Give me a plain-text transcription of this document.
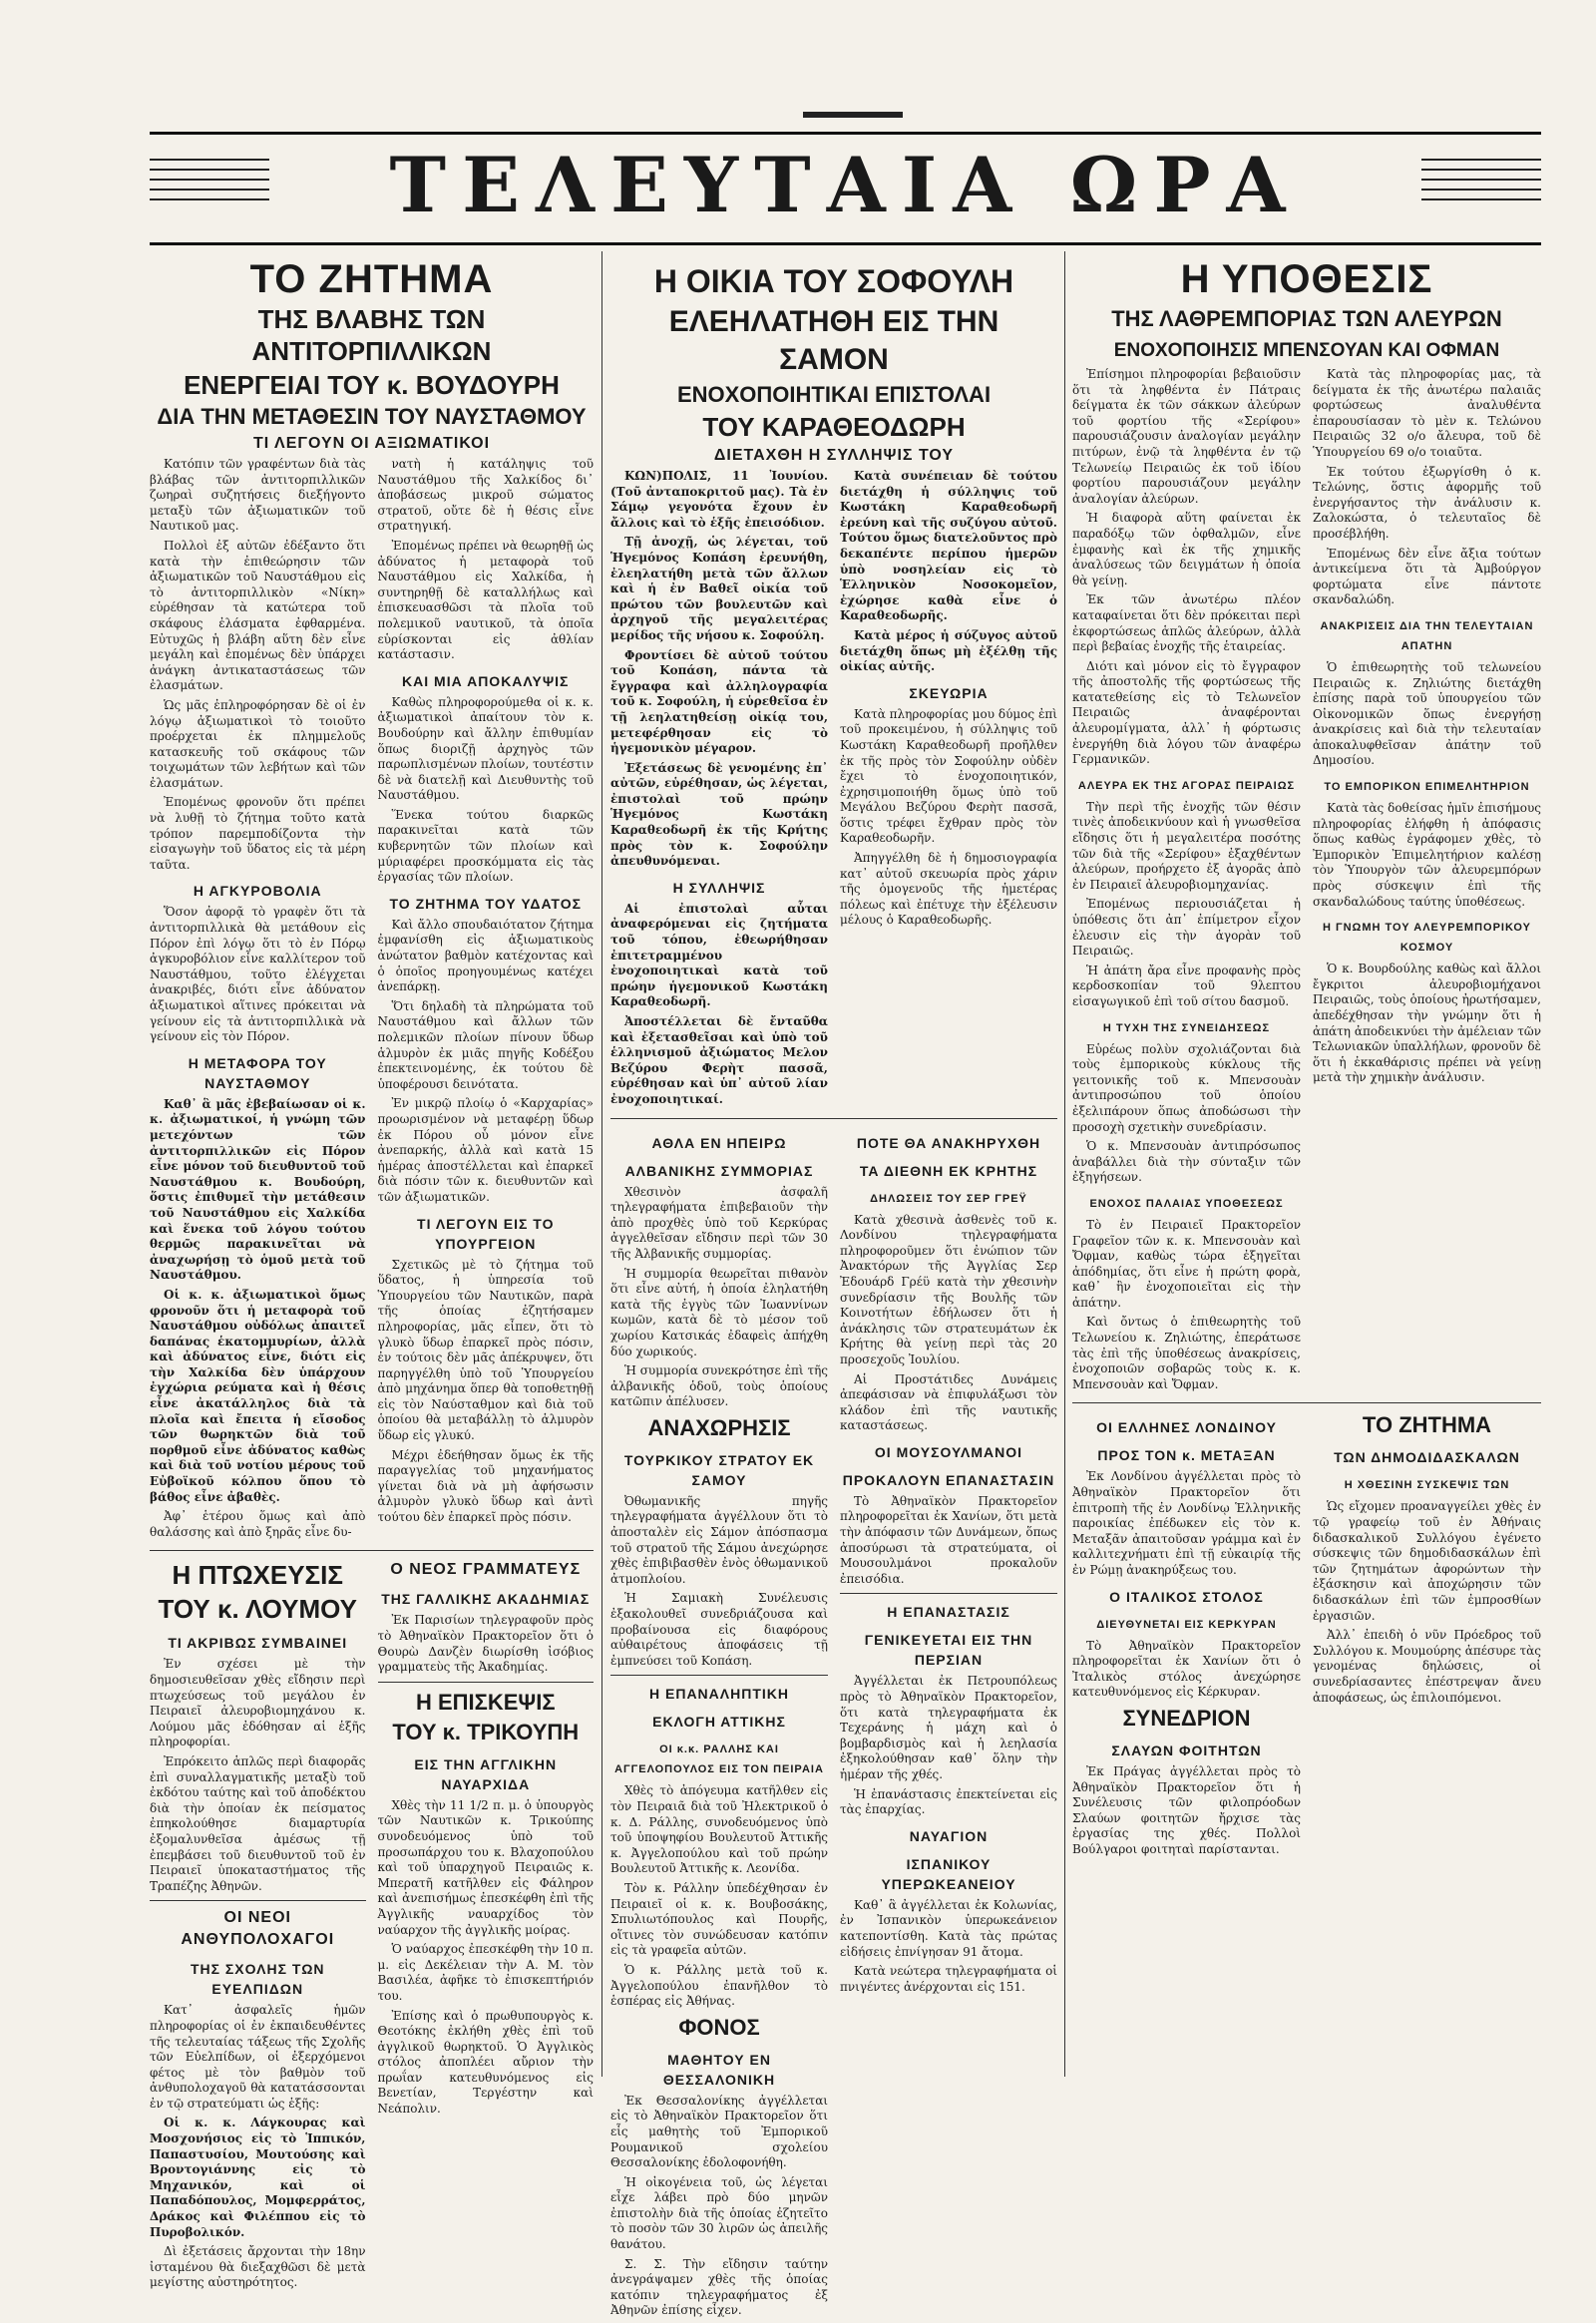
ΤΕΛΕΥΤΑΙΑ ΩΡΑ
ΤΟ ΖΗΤΗΜΑ
ΤΗΣ ΒΛΑΒΗΣ ΤΩΝ ΑΝΤΙΤΟΡΠΙΛΛΙΚΩΝ
ΕΝΕΡΓΕΙΑΙ ΤΟΥ κ. ΒΟΥΔΟΥΡΗ
ΔΙΑ ΤΗΝ ΜΕΤΑΘΕΣΙΝ ΤΟΥ ΝΑΥΣΤΑΘΜΟΥ
ΤΙ ΛΕΓΟΥΝ ΟΙ ΑΞΙΩΜΑΤΙΚΟΙ

Κατόπιν τῶν γραφέντων διὰ τὰς βλάβας τῶν ἀντιτορπιλλικῶν ζωηραὶ συζητήσεις διεξήγοντο μεταξὺ τῶν ἀξιωματικῶν τοῦ Ναυτικοῦ μας.

Πολλοὶ ἐξ αὐτῶν ἐδέξαντο ὅτι κατὰ τὴν ἐπιθεώρησιν τῶν ἀξιωματικῶν τοῦ Ναυστάθμου εἰς τὸ ἀντιτορπιλλικὸν «Νίκη» εὑρέθησαν τὰ κατώτερα τοῦ σκάφους ἐλάσματα ἐφθαρμένα. Εὐτυχῶς ἡ βλάβη αὕτη δὲν εἶνε μεγάλη καὶ ἑπομένως δὲν ὑπάρχει ἀνάγκη ἀντικαταστάσεως τῶν ἐλασμάτων.

Ὡς μᾶς ἐπληροφόρησαν δὲ οἱ ἐν λόγῳ ἀξιωματικοὶ τὸ τοιοῦτο προέρχεται ἐκ πλημμελοῦς κατασκευῆς τοῦ σκάφους τῶν τοιχωμάτων τῶν λεβήτων καὶ τῶν ἐλασμάτων.

Ἐπομένως φρονοῦν ὅτι πρέπει νὰ λυθῇ τὸ ζήτημα τοῦτο κατὰ τρόπον παρεμποδίζοντα τὴν εἰσαγωγὴν τοῦ ὕδατος εἰς τὰ μέρη ταῦτα.

Η ΑΓΚΥΡΟΒΟΛΙΑ

Ὅσον ἀφορᾷ τὸ γραφὲν ὅτι τὰ ἀντιτορπιλλικὰ θὰ μετάθουν εἰς Πόρον ἐπὶ λόγῳ ὅτι τὸ ἐν Πόρῳ ἀγκυροβόλιον εἶνε καλλίτερον τοῦ Ναυστάθμου, τοῦτο ἐλέγχεται ἀνακριβές, διότι εἶνε ἀδύνατον ἀξιωματικοὶ αἵτινες πρόκειται νὰ γείνουν εἰς τὰ ἀντιτορπιλλικὰ νὰ γείνουν εἰς τὸν Πόρον.

Η ΜΕΤΑΦΟΡΑ ΤΟΥ ΝΑΥΣΤΑΘΜΟΥ

Καθ᾽ ἃ μᾶς ἐβεβαίωσαν οἱ κ. κ. ἀξιωματικοί, ἡ γνώμη τῶν μετεχόντων τῶν ἀντιτορπιλλικῶν εἰς Πόρον εἶνε μόνον τοῦ διευθυντοῦ τοῦ Ναυστάθμου κ. Βουδούρη, ὅστις ἐπιθυμεῖ τὴν μετάθεσιν τοῦ Ναυστάθμου εἰς Χαλκίδα καὶ ἕνεκα τοῦ λόγου τούτου θερμῶς παρακινεῖται νὰ ἀναχωρήσῃ τὸ ὁμοῦ μετὰ τοῦ Ναυστάθμου.

Οἱ κ. κ. ἀξιωματικοὶ ὅμως φρονοῦν ὅτι ἡ μεταφορὰ τοῦ Ναυστάθμου οὐδόλως ἀπαιτεῖ δαπάνας ἑκατομμυρίων, ἀλλὰ καὶ ἀδύνατος εἶνε, διότι εἰς τὴν Χαλκίδα δὲν ὑπάρχουν ἐγχώρια ρεύματα καὶ ἡ θέσις εἶνε ἀκατάλληλος διὰ τὰ πλοῖα καὶ ἔπειτα ἡ εἴσοδος τῶν θωρηκτῶν διὰ τοῦ πορθμοῦ εἶνε ἀδύνατος καθὼς καὶ διὰ τοῦ νοτίου μέρους τοῦ Εὐβοϊκοῦ κόλπου ὅπου τὸ βάθος εἶνε ἀβαθὲς.

Ἀφ᾽ ἑτέρου ὅμως καὶ ἀπὸ θαλάσσης καὶ ἀπὸ ξηρᾶς εἶνε δυ-

νατὴ ἡ κατάληψις τοῦ Ναυστάθμου τῆς Χαλκίδος δι᾽ ἀποβάσεως μικροῦ σώματος στρατοῦ, οὔτε δὲ ἡ θέσις εἶνε στρατηγική.

Ἐπομένως πρέπει νὰ θεωρηθῇ ὡς ἀδύνατος ἡ μεταφορὰ τοῦ Ναυστάθμου εἰς Χαλκίδα, ἡ συντηρηθῇ δὲ καταλλήλως καὶ ἐπισκευασθῶσι τὰ πλοῖα τοῦ πολεμικοῦ ναυτικοῦ, τὰ ὁποῖα εὑρίσκονται εἰς ἀθλίαν κατάστασιν.

ΚΑΙ ΜΙΑ ΑΠΟΚΑΛΥΨΙΣ

Καθὼς πληροφορούμεθα οἱ κ. κ. ἀξιωματικοὶ ἀπαίτουν τὸν κ. Βουδούρην καὶ ἄλλην ἐπιθυμίαν ὅπως διοριζῇ ἀρχηγὸς τῶν παρωπλισμένων πλοίων, τουτέστιν δὲ νὰ διατελῇ καὶ Διευθυντὴς τοῦ Ναυστάθμου.

Ἕνεκα τούτου διαρκῶς παρακινεῖται κατὰ τῶν κυβερνητῶν τῶν πλοίων καὶ μύριαφέρει προσκόμματα εἰς τὰς ἐργασίας τῶν πλοίων.

ΤΟ ΖΗΤΗΜΑ ΤΟΥ ΥΔΑΤΟΣ

Καὶ ἄλλο σπουδαιότατον ζήτημα ἐμφανίσθη εἰς ἀξιωματικοὺς ἀνώτατον βαθμὸν κατέχοντας καὶ ὁ ὁποῖος προηγουμένως κατέχει ἀνεπάρκῃ.

Ὅτι δηλαδὴ τὰ πληρώματα τοῦ Ναυστάθμου καὶ ἄλλων τῶν πολεμικῶν πλοίων πίνουν ὕδωρ ἁλμυρὸν ἐκ μιᾶς πηγῆς Κοδέξου ἐπεκτεινομένης, ἐκ τούτου δὲ ὑποφέρουσι δεινότατα.

Ἐν μικρῷ πλοίῳ ὁ «Καρχαρίας» προωρισμένον νὰ μεταφέρῃ ὕδωρ ἐκ Πόρου οὗ μόνον εἶνε ἀνεπαρκής, ἀλλὰ καὶ κατὰ 15 ἡμέρας ἀποστέλλεται καὶ ἐπαρκεῖ διὰ πόσιν τῶν κ. διευθυντῶν καὶ τῶν ἀξιωματικῶν.

ΤΙ ΛΕΓΟΥΝ ΕΙΣ ΤΟ ΥΠΟΥΡΓΕΙΟΝ

Σχετικῶς μὲ τὸ ζήτημα τοῦ ὕδατος, ἡ ὑπηρεσία τοῦ Ὑπουργείου τῶν Ναυτικῶν, παρὰ τῆς ὁποίας ἐζητήσαμεν πληροφορίας, μᾶς εἶπεν, ὅτι τὸ γλυκὸ ὕδωρ ἐπαρκεῖ πρὸς πόσιν, ἐν τούτοις δὲν μᾶς ἀπέκρυψεν, ὅτι παρηγγέλθη ὑπὸ τοῦ Ὑπουργείου ἀπὸ μηχάνημα ὅπερ θὰ τοποθετηθῇ εἰς τὸν Ναύσταθμον καὶ διὰ τοῦ ὁποίου θὰ μεταβάλλῃ τὸ ἁλμυρὸν ὕδωρ εἰς γλυκύ.

Μέχρι ἐδεήθησαν ὅμως ἐκ τῆς παραγγελίας τοῦ μηχανήματος γίνεται διὰ νὰ μὴ ἀφήσωσιν ἁλμυρὸν γλυκὸ ὕδωρ καὶ ἀντὶ τούτου δὲν ἐπαρκεῖ πρὸς πόσιν.

Η ΠΤΩΧΕΥΣΙΣ
ΤΟΥ κ. ΛΟΥΜΟΥ
ΤΙ ΑΚΡΙΒΩΣ ΣΥΜΒΑΙΝΕΙ

Ἐν σχέσει μὲ τὴν δημοσιευθεῖσαν χθὲς εἴδησιν περὶ πτωχεύσεως τοῦ μεγάλου ἐν Πειραιεῖ ἀλευροβιομηχάνου κ. Λούμου μᾶς ἐδόθησαν αἱ ἑξῆς πληροφορίαι.

Ἐπρόκειτο ἁπλῶς περὶ διαφορᾶς ἐπὶ συναλλαγματικῆς μεταξὺ τοῦ ἐκδότου ταύτης καὶ τοῦ ἀποδέκτου διὰ τὴν ὁποίαν ἐκ πείσματος ἐπηκολούθησε διαμαρτυρία ἐξομαλυνθεῖσα ἀμέσως τῇ ἐπεμβάσει τοῦ διευθυντοῦ τοῦ ἐν Πειραιεῖ ὑποκαταστήματος τῆς Τραπέζης Ἀθηνῶν.

ΟΙ ΝΕΟΙ ΑΝΘΥΠΟΛΟΧΑΓΟΙ
ΤΗΣ ΣΧΟΛΗΣ ΤΩΝ ΕΥΕΛΠΙΔΩΝ

Κατ᾽ ἀσφαλεῖς ἡμῶν πληροφορίας οἱ ἐν ἐκπαιδευθέντες τῆς τελευταίας τάξεως τῆς Σχολῆς τῶν Εὐελπίδων, οἱ ἐξερχόμενοι φέτος μὲ τὸν βαθμὸν τοῦ ἀνθυπολοχαγοῦ θὰ κατατάσσονται ἐν τῷ στρατεύματι ὡς ἑξῆς:

Οἱ κ. κ. Λάγκουρας καὶ Μοσχονήσιος εἰς τὸ Ἱππικόν, Παπαστυσίου, Μουτούσης καὶ Βροντογιάννης εἰς τὸ Μηχανικόν, καὶ οἱ Παπαδόπουλος, Μομφερράτος, Δράκος καὶ Φιλέππου εἰς τὸ Πυροβολικόν.

Δὶ ἐξετάσεις ἄρχονται τὴν 18ην ἰσταμένου θὰ διεξαχθῶσι δὲ μετὰ μεγίστης αὐστηρότητος.

Ο ΝΕΟΣ ΓΡΑΜΜΑΤΕΥΣ
ΤΗΣ ΓΑΛΛΙΚΗΣ ΑΚΑΔΗΜΙΑΣ

Ἐκ Παρισίων τηλεγραφοῦν πρὸς τὸ Ἀθηναϊκὸν Πρακτορεῖον ὅτι ὁ Θουρὼ Δανζὲν διωρίσθη ἰσόβιος γραμματεὺς τῆς Ἀκαδημίας.

Η ΕΠΙΣΚΕΨΙΣ
ΤΟΥ κ. ΤΡΙΚΟΥΠΗ
ΕΙΣ ΤΗΝ ΑΓΓΛΙΚΗΝ ΝΑΥΑΡΧΙΔΑ

Χθὲς τὴν 11 1/2 π. μ. ὁ ὑπουργὸς τῶν Ναυτικῶν κ. Τρικούπης συνοδευόμενος ὑπὸ τοῦ προσωπάρχου του κ. Βλαχοπούλου καὶ τοῦ ὑπαρχηγοῦ Πειραιῶς κ. Μπερατῆ κατῆλθεν εἰς Φάληρον καὶ ἀνεπισήμως ἐπεσκέφθη ἐπὶ τῆς Ἀγγλικῆς ναυαρχίδος τὸν ναύαρχον τῆς ἀγγλικῆς μοίρας.

Ὁ ναύαρχος ἐπεσκέφθη τὴν 10 π. μ. εἰς Δεκέλειαν τὴν Α. Μ. τὸν Βασιλέα, ἀφῆκε τὸ ἐπισκεπτήριόν του.

Ἐπίσης καὶ ὁ πρωθυπουργὸς κ. Θεοτόκης ἐκλήθη χθὲς ἐπὶ τοῦ ἀγγλικοῦ θωρηκτοῦ. Ὁ Ἀγγλικὸς στόλος ἀποπλέει αὔριον τὴν πρωΐαν κατευθυνόμενος εἰς Βενετίαν, Τεργέστην καὶ Νεάπολιν.

Η ΟΙΚΙΑ ΤΟΥ ΣΟΦΟΥΛΗ
ΕΛΕΗΛΑΤΗΘΗ ΕΙΣ ΤΗΝ ΣΑΜΟΝ
ΕΝΟΧΟΠΟΙΗΤΙΚΑΙ ΕΠΙΣΤΟΛΑΙ
ΤΟΥ ΚΑΡΑΘΕΟΔΩΡΗ
ΔΙΕΤΑΧΘΗ Η ΣΥΛΛΗΨΙΣ ΤΟΥ

ΚΩΝ)ΠΟΛΙΣ, 11 Ἰουνίου. (Τοῦ ἀνταποκριτοῦ μας). Τὰ ἐν Σάμῳ γεγονότα ἔχουν ἐν ἄλλοις καὶ τὸ ἑξῆς ἐπεισόδιον.

Τῇ ἀνοχῇ, ὡς λέγεται, τοῦ Ἡγεμόνος Κοπάση ἐρευνήθη, ἐλεηλατήθη μετὰ τῶν ἄλλων καὶ ἡ ἐν Βαθεῖ οἰκία τοῦ πρώτου τῶν βουλευτῶν καὶ ἀρχηγοῦ τῆς μεγαλειτέρας μερίδος τῆς νήσου κ. Σοφούλη.

Φροντίσει δὲ αὐτοῦ τούτου τοῦ Κοπάση, πάντα τὰ ἔγγραφα καὶ ἀλληλογραφία τοῦ κ. Σοφούλη, ἡ εὑρεθεῖσα ἐν τῇ λεηλατηθείσῃ οἰκίᾳ του, μετεφέρθησαν εἰς τὸ ἡγεμονικὸν μέγαρον.

Ἐξετάσεως δὲ γενομένης ἐπ᾽ αὐτῶν, εὑρέθησαν, ὡς λέγεται, ἐπιστολαὶ τοῦ πρώην Ἡγεμόνος Κωστάκη Καραθεοδωρῆ ἐκ τῆς Κρήτης πρὸς τὸν κ. Σοφούλην ἀπευθυνόμεναι.

Η ΣΥΛΛΗΨΙΣ

Αἱ ἐπιστολαὶ αὗται ἀναφερόμεναι εἰς ζητήματα τοῦ τόπου, ἐθεωρήθησαν ἐπιτετραμμένου ἐνοχοποιητικαὶ κατὰ τοῦ πρώην ἡγεμονικοῦ Κωστάκη Καραθεοδωρῆ.

Ἀποστέλλεται δὲ ἔνταῦθα καὶ ἐξετασθεῖσαι καὶ ὑπὸ τοῦ ἑλληνισμοῦ ἀξιώματος Μελον Βεζύρου Φερὴτ πασσᾶ, εὑρέθησαν καὶ ὑπ᾽ αὐτοῦ λίαν ἐνοχοποιητικαί.

Κατὰ συνέπειαν δὲ τούτου διετάχθη ἡ σύλληψις τοῦ Κωστάκη Καραθεοδωρῆ ἐρεύνη καὶ τῆς συζύγου αὐτοῦ. Τούτου ὅμως διατελοῦντος πρὸ δεκαπέντε περίπου ἡμερῶν ὑπὸ νοσηλείαν εἰς τὸ Ἑλληνικὸν Νοσοκομεῖον, ἐχώρησε καθὰ εἶνε ὁ Καραθεοδωρῆς.

Κατὰ μέρος ἡ σύζυγος αὐτοῦ διετάχθη ὅπως μὴ ἐξέλθῃ τῆς οἰκίας αὐτῆς.

ΣΚΕΥΩΡΙΑ

Κατὰ πληροφορίας μου δύμος ἐπὶ τοῦ προκειμένου, ἡ σύλληψις τοῦ Κωστάκη Καραθεοδωρῆ προῆλθεν ἐκ τῆς πρὸς τὸν Σοφούλην οὐδὲν ἔχει τὸ ἐνοχοποιητικόν, ἐχρησιμοποιήθη ὅμως ὑπὸ τοῦ Μεγάλου Βεζύρου Φερὴτ πασσᾶ, ὅστις τρέφει ἔχθραν πρὸς τὸν Καραθεοδωρῆν.

Ἀπηγγέλθη δὲ ἡ δημοσιογραφία κατ᾽ αὐτοῦ σκευωρία πρὸς χάριν τῆς ὁμογενοῦς τῆς ἡμετέρας πόλεως καὶ ἐπέτυχε τὴν ἐξέλευσιν μέλους ὁ Καραθεοδωρῆς.

ΑΘΛΑ ΕΝ ΗΠΕΙΡΩ
ΑΛΒΑΝΙΚΗΣ ΣΥΜΜΟΡΙΑΣ

Χθεσινὸν ἀσφαλῆ τηλεγραφήματα ἐπιβεβαιοῦν τὴν ἀπὸ προχθὲς ὑπὸ τοῦ Κερκύρας ἀγγελθεῖσαν εἴδησιν περὶ τῶν 30 τῆς Ἀλβανικῆς συμμορίας.

Ἡ συμμορία θεωρεῖται πιθανὸν ὅτι εἶνε αὐτή, ἡ ὁποία ἐληλατήθη κατὰ τῆς ἐγγὺς τῶν Ἰωαννίνων κωμῶν, κατὰ δὲ τὸ μέσον τοῦ χωρίου Κατσικάς ἐδαφεὶς ἀπήχθη δύο χωρικούς.

Ἡ συμμορία συνεκρότησε ἐπὶ τῆς ἀλβανικῆς ὁδοῦ, τοὺς ὁποίους κατῶπιν ἀπέλυσεν.

ΑΝΑΧΩΡΗΣΙΣ
ΤΟΥΡΚΙΚΟΥ ΣΤΡΑΤΟΥ ΕΚ ΣΑΜΟΥ

Ὀθωμανικῆς πηγῆς τηλεγραφήματα ἀγγέλλουν ὅτι τὸ ἀποσταλὲν εἰς Σάμον ἀπόσπασμα τοῦ στρατοῦ τῆς Σάμου ἀνεχώρησε χθὲς ἐπιβιβασθὲν ἐνὸς ὀθωμανικοῦ ἀτμοπλοίου.

Ἡ Σαμιακὴ Συνέλευσις ἐξακολουθεῖ συνεδριάζουσα καὶ προβαίνουσα εἰς διαφόρους αὐθαιρέτους ἀποφάσεις τῇ ἐμπνεύσει τοῦ Κοπάση.

Η ΕΠΑΝΑΛΗΠΤΙΚΗ
ΕΚΛΟΓΗ ΑΤΤΙΚΗΣ
ΟΙ κ.κ. ΡΑΛΛΗΣ ΚΑΙ ΑΓΓΕΛΟΠΟΥΛΟΣ ΕΙΣ ΤΟΝ ΠΕΙΡΑΙΑ

Χθὲς τὸ ἀπόγευμα κατῆλθεν εἰς τὸν Πειραιᾶ διὰ τοῦ Ἠλεκτρικοῦ ὁ κ. Δ. Ράλλης, συνοδευόμενος ὑπὸ τοῦ ὑποψηφίου Βουλευτοῦ Ἀττικῆς κ. Ἀγγελοπούλου καὶ τοῦ πρώην Βουλευτοῦ Ἀττικῆς κ. Λεονίδα.

Τὸν κ. Ράλλην ὑπεδέχθησαν ἐν Πειραιεῖ οἱ κ. κ. Βουβοσάκης, Σπυλιωτόπουλος καὶ Πουρῆς, οἵτινες τὸν συνώδευσαν κατόπιν εἰς τὰ γραφεῖα αὐτῶν.

Ὁ κ. Ράλλης μετὰ τοῦ κ. Ἀγγελοπούλου ἐπανῆλθον τὸ ἑσπέρας εἰς Ἀθήνας.

ΦΟΝΟΣ
ΜΑΘΗΤΟΥ ΕΝ ΘΕΣΣΑΛΟΝΙΚΗ

Ἐκ Θεσσαλονίκης ἀγγέλλεται εἰς τὸ Ἀθηναϊκὸν Πρακτορεῖον ὅτι εἷς μαθητὴς τοῦ Ἐμπορικοῦ Ρουμανικοῦ σχολείου Θεσσαλονίκης ἐδολοφονήθη.

Ἡ οἰκογένεια τοῦ, ὡς λέγεται εἶχε λάβει πρὸ δύο μηνῶν ἐπιστολὴν διὰ τῆς ὁποίας ἐζητεῖτο τὸ ποσὸν τῶν 30 λιρῶν ὡς ἀπειλῆς θανάτου.

Σ. Σ. Τὴν εἴδησιν ταύτην ἀνεγράψαμεν χθὲς τῆς ὁποίας κατόπιν τηλεγραφήματος ἐξ Ἀθηνῶν ἐπίσης εἶχεν.

ΠΟΤΕ ΘΑ ΑΝΑΚΗΡΥΧΘΗ
ΤΑ ΔΙΕΘΝΗ ΕΚ ΚΡΗΤΗΣ
ΔΗΛΩΣΕΙΣ ΤΟΥ ΣΕΡ ΓΡΕΫ

Κατὰ χθεσινὰ ἀσθενὲς τοῦ κ. Λονδίνου τηλεγραφήματα πληροφοροῦμεν ὅτι ἐνώπιον τῶν Ἀνακτόρων τῆς Ἀγγλίας Σερ Ἐδουάρδ Γρέϋ κατὰ τὴν χθεσινὴν συνεδρίασιν τῆς Βουλῆς τῶν Κοινοτήτων ἐδήλωσεν ὅτι ἡ ἀνάκλησις τῶν στρατευμάτων ἐκ Κρήτης θὰ γείνῃ περὶ τὰς 20 προσεχοῦς Ἰουλίου.

Αἱ Προστάτιδες Δυνάμεις ἀπεφάσισαν νὰ ἐπιφυλάξωσι τὸν κλάδον ἐπὶ τῆς ναυτικῆς καταστάσεως.

ΟΙ ΜΟΥΣΟΥΛΜΑΝΟΙ
ΠΡΟΚΑΛΟΥΝ ΕΠΑΝΑΣΤΑΣΙΝ

Τὸ Ἀθηναϊκὸν Πρακτορεῖον πληροφορεῖται ἐκ Χανίων, ὅτι μετὰ τὴν ἀπόφασιν τῶν Δυνάμεων, ὅπως ἀποσύρωσι τὰ στρατεύματα, οἱ Μουσουλμάνοι προκαλοῦν ἐπεισόδια.

Η ΕΠΑΝΑΣΤΑΣΙΣ
ΓΕΝΙΚΕΥΕΤΑΙ ΕΙΣ ΤΗΝ ΠΕΡΣΙΑΝ

Ἀγγέλλεται ἐκ Πετρουπόλεως πρὸς τὸ Ἀθηναϊκὸν Πρακτορεῖον, ὅτι κατὰ τηλεγραφήματα ἐκ Τεχεράνης ἡ μάχη καὶ ὁ βομβαρδισμὸς καὶ ἡ λεηλασία ἐξηκολούθησαν καθ᾽ ὅλην τὴν ἡμέραν τῆς χθές.

Ἡ ἐπανάστασις ἐπεκτείνεται εἰς τὰς ἐπαρχίας.

ΝΑΥΑΓΙΟΝ
ΙΣΠΑΝΙΚΟΥ ΥΠΕΡΩΚΕΑΝΕΙΟΥ

Καθ᾽ ἃ ἀγγέλλεται ἐκ Κολωνίας, ἐν Ἰσπανικὸν ὑπερωκεάνειον κατεποντίσθη. Κατὰ τὰς πρώτας εἰδήσεις ἐπνίγησαν 91 ἄτομα.

Κατὰ νεώτερα τηλεγραφήματα οἱ πνιγέντες ἀνέρχονται εἰς 151.

Η ΥΠΟΘΕΣΙΣ
ΤΗΣ ΛΑΘΡΕΜΠΟΡΙΑΣ ΤΩΝ ΑΛΕΥΡΩΝ
ΕΝΟΧΟΠΟΙΗΣΙΣ ΜΠΕΝΣΟΥΑΝ ΚΑΙ ΟΦΜΑΝ

Ἐπίσημοι πληροφορίαι βεβαιοῦσιν ὅτι τὰ ληφθέντα ἐν Πάτραις δείγματα ἐκ τῶν σάκκων ἀλεύρων τοῦ φορτίου τῆς «Σερίφου» παρουσιάζουσιν ἀναλογίαν μεγάλην πιτύρων, ἐνῷ τὰ ληφθέντα ἐν τῷ Τελωνείῳ Πειραιῶς ἐκ τοῦ ἰδίου φορτίου παρουσιάζουν μεγάλην ἀναλογίαν ἀλεύρων.

Ἡ διαφορὰ αὕτη φαίνεται ἐκ παραδόξῳ τῶν ὀφθαλμῶν, εἶνε ἐμφανὴς καὶ ἐκ τῆς χημικῆς ἀναλύσεως τῶν δειγμάτων ἡ ὁποία θὰ γείνῃ.

Ἐκ τῶν ἀνωτέρω πλέον καταφαίνεται ὅτι δὲν πρόκειται περὶ ἐκφορτώσεως ἁπλῶς ἀλεύρων, ἀλλὰ περὶ βεβαίας ἐνοχῆς τῆς ἑταιρείας.

Διότι καὶ μόνον εἰς τὸ ἔγγραφον τῆς ἀποστολῆς τῆς φορτώσεως τῆς κατατεθείσης εἰς τὸ Τελωνεῖον Πειραιῶς ἀναφέρονται ἀλευρομίγματα, ἀλλ᾽ ἡ φόρτωσις ἐνεργήθη διὰ λόγου τῶν ἀναφέρω Γερμανικῶν.

ΑΛΕΥΡΑ ΕΚ ΤΗΣ ΑΓΟΡΑΣ ΠΕΙΡΑΙΩΣ

Τὴν περὶ τῆς ἐνοχῆς τῶν θέσιν τινὲς ἀποδεικνύουν καὶ ἡ γνωσθεῖσα εἴδησις ὅτι ἡ μεγαλειτέρα ποσότης τῶν διὰ τῆς «Σερίφου» ἐξαχθέντων ἀλεύρων, προήρχετο ἐξ ἀγορᾶς ἀπὸ ἐν Πειραιεῖ ἀλευροβιομηχανίας.

Ἐπομένως περιουσιάζεται ἡ ὑπόθεσις ὅτι ἀπ᾽ ἐπίμετρον εἶχον ἐλευσιν εἰς τὴν ἀγορὰν τοῦ Πειραιῶς.

Ἡ ἀπάτη ἄρα εἶνε προφανὴς πρὸς κερδοσκοπίαν τοῦ 9λεπτου εἰσαγωγικοῦ ἐπὶ τοῦ σίτου δασμοῦ.

Η ΤΥΧΗ ΤΗΣ ΣΥΝΕΙΔΗΣΕΩΣ

Εὑρέως πολὺν σχολιάζονται διὰ τοὺς ἐμπορικοὺς κύκλους τῆς γειτονικῆς τοῦ κ. Μπενσουὰν ἀντιπροσώπου τοῦ ὁποίου ἐξελιπάρουν ὅπως ἀποδώσωσι τὴν προσοχὴ σχετικὴν συνεδρίασιν.

Ὁ κ. Μπενσουὰν ἀντιπρόσωπος ἀναβάλλει διὰ τὴν σύνταξιν τῶν ἐξηγήσεων.

ΕΝΟΧΟΣ ΠΑΛΑΙΑΣ ΥΠΟΘΕΣΕΩΣ

Τὸ ἐν Πειραιεῖ Πρακτορεῖον Γραφεῖον τῶν κ. κ. Μπενσουὰν καὶ Ὄφμαν, καθὼς τώρα ἐξηγεῖται ἀπόδημίας, ὅτι εἶνε ἡ πρώτη φορὰ, καθ᾽ ἣν ἐνοχοποιεῖται εἰς τὴν ἀπάτην.

Καὶ ὄντως ὁ ἐπιθεωρητὴς τοῦ Τελωνείου κ. Ζηλιώτης, ἐπεράτωσε τὰς ἐπὶ τῆς ὑποθέσεως ἀνακρίσεις, ἐνοχοποιῶν σοβαρῶς τοὺς κ. κ. Μπενσουὰν καὶ Ὄφμαν.

Κατὰ τὰς πληροφορίας μας, τὰ δείγματα ἐκ τῆς ἀνωτέρω παλαιᾶς φορτώσεως ἀναλυθέντα ἐπαρουσίασαν τὸ μὲν κ. Τελώνου Πειραιῶς 32 ο/ο ἄλευρα, τοῦ δὲ Ὑπουργείου 69 ο/ο τοιαῦτα.

Ἐκ τούτου ἐξωργίσθη ὁ κ. Τελώνης, ὅστις ἀφορμῆς τοῦ ἐνεργήσαντος τὴν ἀνάλυσιν κ. Ζαλοκώστα, ὁ τελευταῖος δὲ προσέβλήθη.

Ἐπομένως δὲν εἶνε ἄξια τούτων ἀντικείμενα ὅτι τὰ Ἀμβούργον φορτώματα εἶνε πάντοτε σκανδαλώδη.

ΑΝΑΚΡΙΣΕΙΣ ΔΙΑ ΤΗΝ ΤΕΛΕΥΤΑΙΑΝ ΑΠΑΤΗΝ

Ὁ ἐπιθεωρητὴς τοῦ τελωνείου Πειραιῶς κ. Ζηλιώτης διετάχθη ἐπίσης παρὰ τοῦ ὑπουργείου τῶν Οἰκονομικῶν ὅπως ἐνεργήσῃ ἀνακρίσεις καὶ διὰ τὴν τελευταίαν ἀποκαλυφθεῖσαν ἀπάτην τοῦ Δημοσίου.

ΤΟ ΕΜΠΟΡΙΚΟΝ ΕΠΙΜΕΛΗΤΗΡΙΟΝ

Κατὰ τὰς δοθείσας ἡμῖν ἐπισήμους πληροφορίας ἐλήφθη ἡ ἀπόφασις ὅπως καθὼς ἐγράφομεν χθὲς, τὸ Ἐμπορικὸν Ἐπιμελητήριον καλέσῃ τὸν Ὑπουργὸν τῶν ἀλευρεμπόρων πρὸς σύσκεψιν ἐπὶ τῆς σκανδαλώδους ταύτης ὑποθέσεως.

Η ΓΝΩΜΗ ΤΟΥ ΑΛΕΥΡΕΜΠΟΡΙΚΟΥ ΚΟΣΜΟΥ

Ὁ κ. Βουρδούλης καθὼς καὶ ἄλλοι ἔγκριτοι ἀλευροβιομήχανοι Πειραιῶς, τοὺς ὁποίους ἠρωτήσαμεν, ἀπεδέχθησαν τὴν γνώμην ὅτι ἡ ἀπάτη ἀποδεικνύει τὴν ἀμέλειαν τῶν Τελωνιακῶν ὑπαλλήλων, φρονοῦν δὲ ὅτι ἡ ἐκκαθάρισις πρέπει νὰ γείνῃ μετὰ τὴν χημικὴν ἀνάλυσιν.

ΟΙ ΕΛΛΗΝΕΣ ΛΟΝΔΙΝΟΥ
ΠΡΟΣ ΤΟΝ κ. ΜΕΤΑΞΑΝ

Ἐκ Λονδίνου ἀγγέλλεται πρὸς τὸ Ἀθηναϊκὸν Πρακτορεῖον ὅτι ἐπιτροπὴ τῆς ἐν Λονδίνῳ Ἑλληνικῆς παροικίας ἐπέδωκεν εἰς τὸν κ. Μεταξᾶν ἀπαιτοῦσαν γράμμα καὶ ἐν καλλιτεχνήματι ἐπὶ τῇ εὐκαιρίᾳ τῆς ἐν Ρώμῃ ἀνακηρύξεως του.

Ο ΙΤΑΛΙΚΟΣ ΣΤΟΛΟΣ
ΔΙΕΥΘΥΝΕΤΑΙ ΕΙΣ ΚΕΡΚΥΡΑΝ

Τὸ Ἀθηναϊκὸν Πρακτορεῖον πληροφορεῖται ἐκ Χανίων ὅτι ὁ Ἰταλικὸς στόλος ἀνεχώρησε κατευθυνόμενος εἰς Κέρκυραν.

ΣΥΝΕΔΡΙΟΝ
ΣΛΑΥΩΝ ΦΟΙΤΗΤΩΝ

Ἐκ Πράγας ἀγγέλλεται πρὸς τὸ Ἀθηναϊκὸν Πρακτορεῖον ὅτι ἡ Συνέλευσις τῶν φιλοπρόοδων Σλαύων φοιτητῶν ἤρχισε τὰς ἐργασίας της χθές. Πολλοὶ Βούλγαροι φοιτηταὶ παρίστανται.

ΤΟ ΖΗΤΗΜΑ
ΤΩΝ ΔΗΜΟΔΙΔΑΣΚΑΛΩΝ
Η ΧΘΕΣΙΝΗ ΣΥΣΚΕΨΙΣ ΤΩΝ

Ὡς εἴχομεν προαναγγείλει χθὲς ἐν τῷ γραφείῳ τοῦ ἐν Ἀθήναις διδασκαλικοῦ Συλλόγου ἐγένετο σύσκεψις τῶν δημοδιδασκάλων ἐπὶ τῶν ζητημάτων ἀφορώντων τὴν ἐξάσκησιν καὶ ἀποχώρησιν τῶν διδασκάλων ἐπὶ τῶν ἐμπροσθίων ἐργασιῶν.

Ἀλλ᾽ ἐπειδὴ ὁ νῦν Πρόεδρος τοῦ Συλλόγου κ. Μουμούρης ἀπέσυρε τὰς γενομένας δηλώσεις, οἱ συνεδρίασαντες ἐπέστρεψαν ἄνευ ἀποφάσεως, ὡς ἐπιλοιπόμενοι.
